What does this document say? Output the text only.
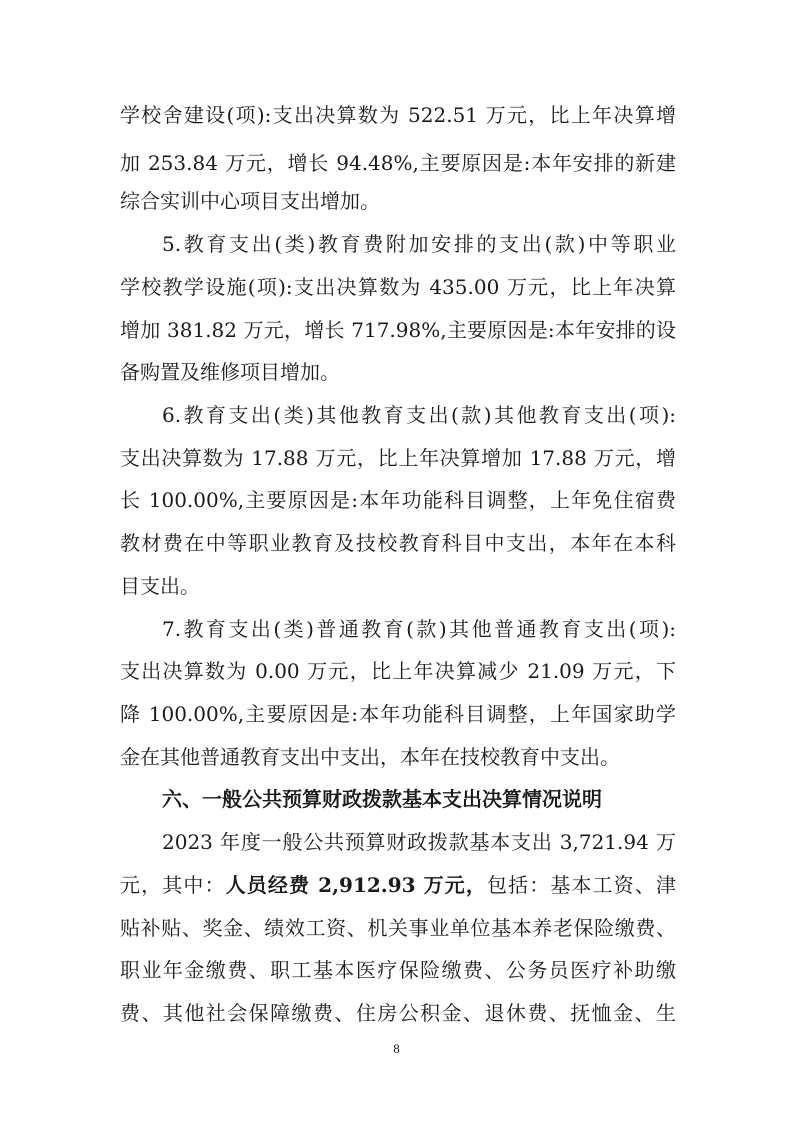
学校舍建设(项):支出决算数为 522.51 万元，比上年决算增
加 253.84 万元，增长 94.48%,主要原因是:本年安排的新建
综合实训中心项目支出增加。
5.教育支出(类)教育费附加安排的支出(款)中等职业
学校教学设施(项):支出决算数为 435.00 万元，比上年决算
增加 381.82 万元，增长 717.98%,主要原因是:本年安排的设
备购置及维修项目增加。
6.教育支出(类)其他教育支出(款)其他教育支出(项):
支出决算数为 17.88 万元，比上年决算增加 17.88 万元，增
长 100.00%,主要原因是:本年功能科目调整，上年免住宿费
教材费在中等职业教育及技校教育科目中支出，本年在本科
目支出。
7.教育支出(类)普通教育(款)其他普通教育支出(项):
支出决算数为 0.00 万元，比上年决算减少 21.09 万元，下
降 100.00%,主要原因是:本年功能科目调整，上年国家助学
金在其他普通教育支出中支出，本年在技校教育中支出。
六、一般公共预算财政拨款基本支出决算情况说明
2023 年度一般公共预算财政拨款基本支出 3,721.94 万
元，其中：人员经费 2,912.93 万元，包括：基本工资、津
贴补贴、奖金、绩效工资、机关事业单位基本养老保险缴费、
职业年金缴费、职工基本医疗保险缴费、公务员医疗补助缴
费、其他社会保障缴费、住房公积金、退休费、抚恤金、生
8
